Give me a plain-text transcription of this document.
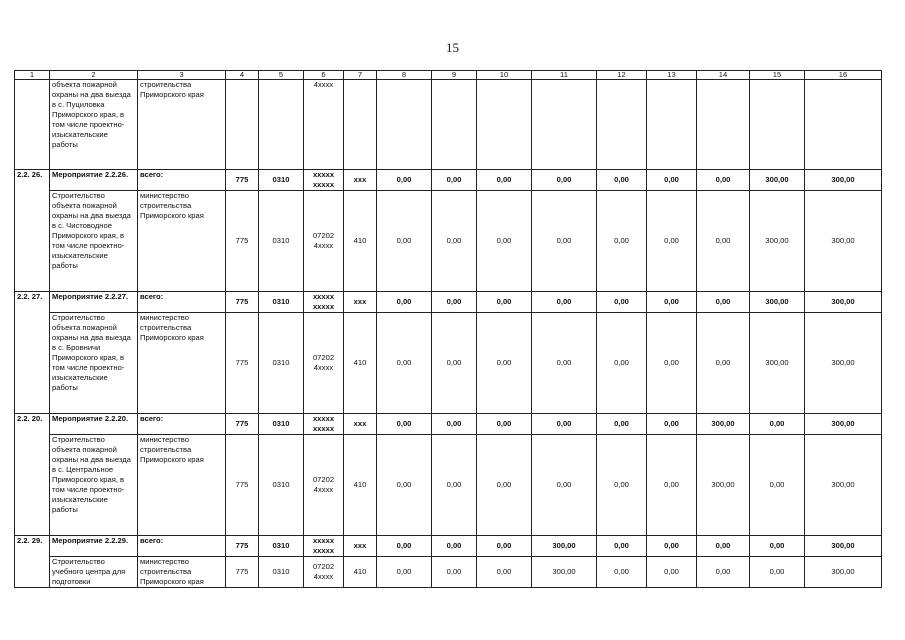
15
1	2	3	4	5	6	7	8	9	10	11	12	13	14	15	16
	объекта пожарной охраны на два выезда в с. Пуциловка Приморского края, в том числе проектно-изыскательские работы	строительства Приморского края			4хххх										
2.2. 26.	Мероприятие 2.2.26.	всего:	775	0310	ххххх ххххх	ххх	0,00	0,00	0,00	0,00	0,00	0,00	0,00	300,00	300,00
	Строительство объекта пожарной охраны на два выезда в с. Чистоводное Приморского края, в том числе проектно-изыскательские работы	министерство строительства Приморского края	775	0310	07202 4хххх	410	0,00	0,00	0,00	0,00	0,00	0,00	0,00	300,00	300,00
2.2. 27.	Мероприятие 2.2.27.	всего:	775	0310	ххххх ххххх	ххх	0,00	0,00	0,00	0,00	0,00	0,00	0,00	300,00	300,00
	Строительство объекта пожарной охраны на два выезда в с. Бровничи Приморского края, в том числе проектно-изыскательские работы	министерство строительства Приморского края	775	0310	07202 4хххх	410	0,00	0,00	0,00	0,00	0,00	0,00	0,00	300,00	300,00
2.2. 20.	Мероприятие 2.2.20.	всего:	775	0310	ххххх ххххх	ххх	0,00	0,00	0,00	0,00	0,00	0,00	300,00	0,00	300,00
	Строительство объекта пожарной охраны на два выезда в с. Центральное Приморского края, в том числе проектно-изыскательские работы	министерство строительства Приморского края	775	0310	07202 4хххх	410	0,00	0,00	0,00	0,00	0,00	0,00	300,00	0,00	300,00
2.2. 29.	Мероприятие 2.2.29.	всего:	775	0310	ххххх ххххх	ххх	0,00	0,00	0,00	300,00	0,00	0,00	0,00	0,00	300,00
	Строительство учебного центра для подготовки	министерство строительства Приморского края	775	0310	07202 4хххх	410	0,00	0,00	0,00	300,00	0,00	0,00	0,00	0,00	300,00
